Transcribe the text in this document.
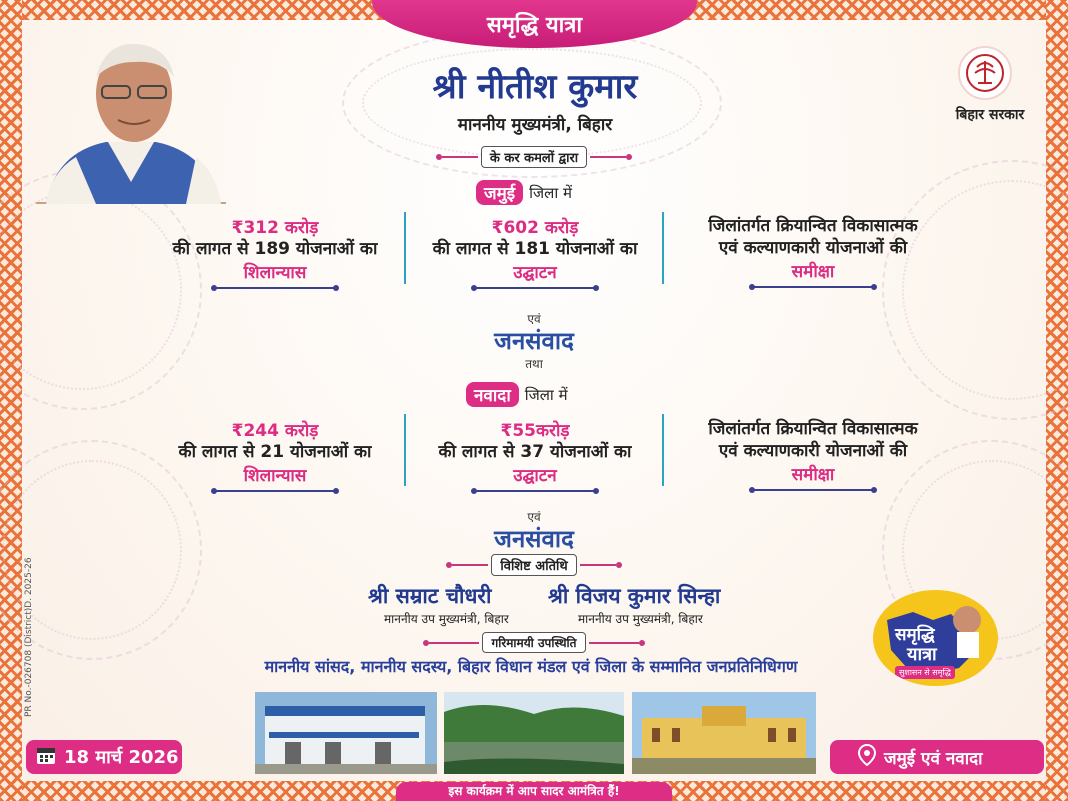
समृद्धि यात्रा
बिहार सरकार
श्री नीतीश कुमार
माननीय मुख्यमंत्री, बिहार
के कर कमलों द्वारा
जमुई जिला में
₹312 करोड़
की लागत से 189 योजनाओं का
शिलान्यास
₹602 करोड़
की लागत से 181 योजनाओं का
उद्घाटन
जिलांतर्गत क्रियान्वित विकासात्मक
एवं कल्याणकारी योजनाओं की
समीक्षा
एवं
जनसंवाद
तथा
नवादा जिला में
₹244 करोड़
की लागत से 21 योजनाओं का
शिलान्यास
₹55करोड़
की लागत से 37 योजनाओं का
उद्घाटन
जिलांतर्गत क्रियान्वित विकासात्मक
एवं कल्याणकारी योजनाओं की
समीक्षा
एवं
जनसंवाद
विशिष्ट अतिथि
श्री सम्राट चौधरी
माननीय उप मुख्यमंत्री, बिहार
श्री विजय कुमार सिन्हा
माननीय उप मुख्यमंत्री, बिहार
गरिमामयी उपस्थिति
माननीय सांसद, माननीय सदस्य, बिहार विधान मंडल एवं जिला के सम्मानित जनप्रतिनिधिगण
समृद्धि
यात्रा
सुशासन से समृद्धि
18 मार्च 2026	जमुई एवं नवादा
इस कार्यक्रम में आप सादर आमंत्रित हैं!
PR No.-026708 (District)D. 2025-26
